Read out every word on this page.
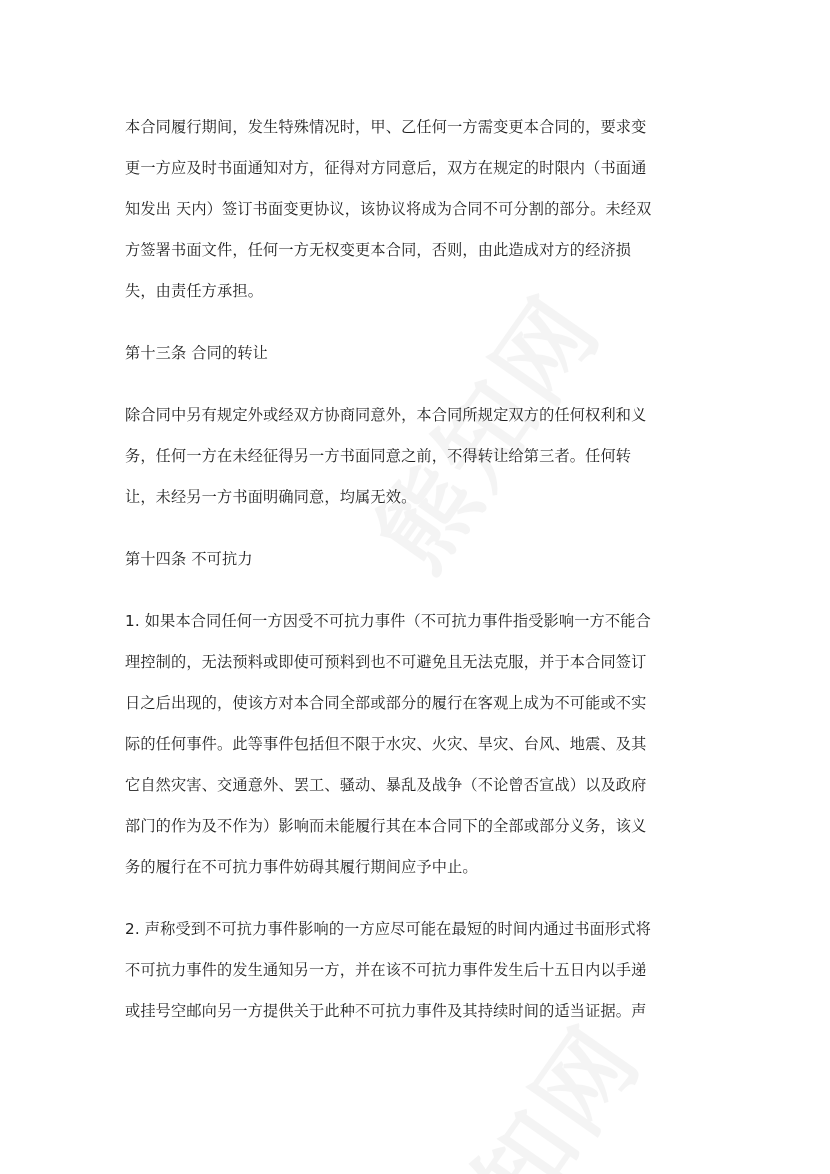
本合同履行期间，发生特殊情况时，甲、乙任何一方需变更本合同的，要求变
更一方应及时书面通知对方，征得对方同意后，双方在规定的时限内（书面通
知发出 天内）签订书面变更协议，该协议将成为合同不可分割的部分。未经双
方签署书面文件，任何一方无权变更本合同，否则，由此造成对方的经济损
失，由责任方承担。

第十三条 合同的转让

除合同中另有规定外或经双方协商同意外，本合同所规定双方的任何权利和义
务，任何一方在未经征得另一方书面同意之前，不得转让给第三者。任何转
让，未经另一方书面明确同意，均属无效。

第十四条 不可抗力

1. 如果本合同任何一方因受不可抗力事件（不可抗力事件指受影响一方不能合
理控制的，无法预料或即使可预料到也不可避免且无法克服，并于本合同签订
日之后出现的，使该方对本合同全部或部分的履行在客观上成为不可能或不实
际的任何事件。此等事件包括但不限于水灾、火灾、旱灾、台风、地震、及其
它自然灾害、交通意外、罢工、骚动、暴乱及战争（不论曾否宣战）以及政府
部门的作为及不作为）影响而未能履行其在本合同下的全部或部分义务，该义
务的履行在不可抗力事件妨碍其履行期间应予中止。

2. 声称受到不可抗力事件影响的一方应尽可能在最短的时间内通过书面形式将
不可抗力事件的发生通知另一方，并在该不可抗力事件发生后十五日内以手递
或挂号空邮向另一方提供关于此种不可抗力事件及其持续时间的适当证据。声
